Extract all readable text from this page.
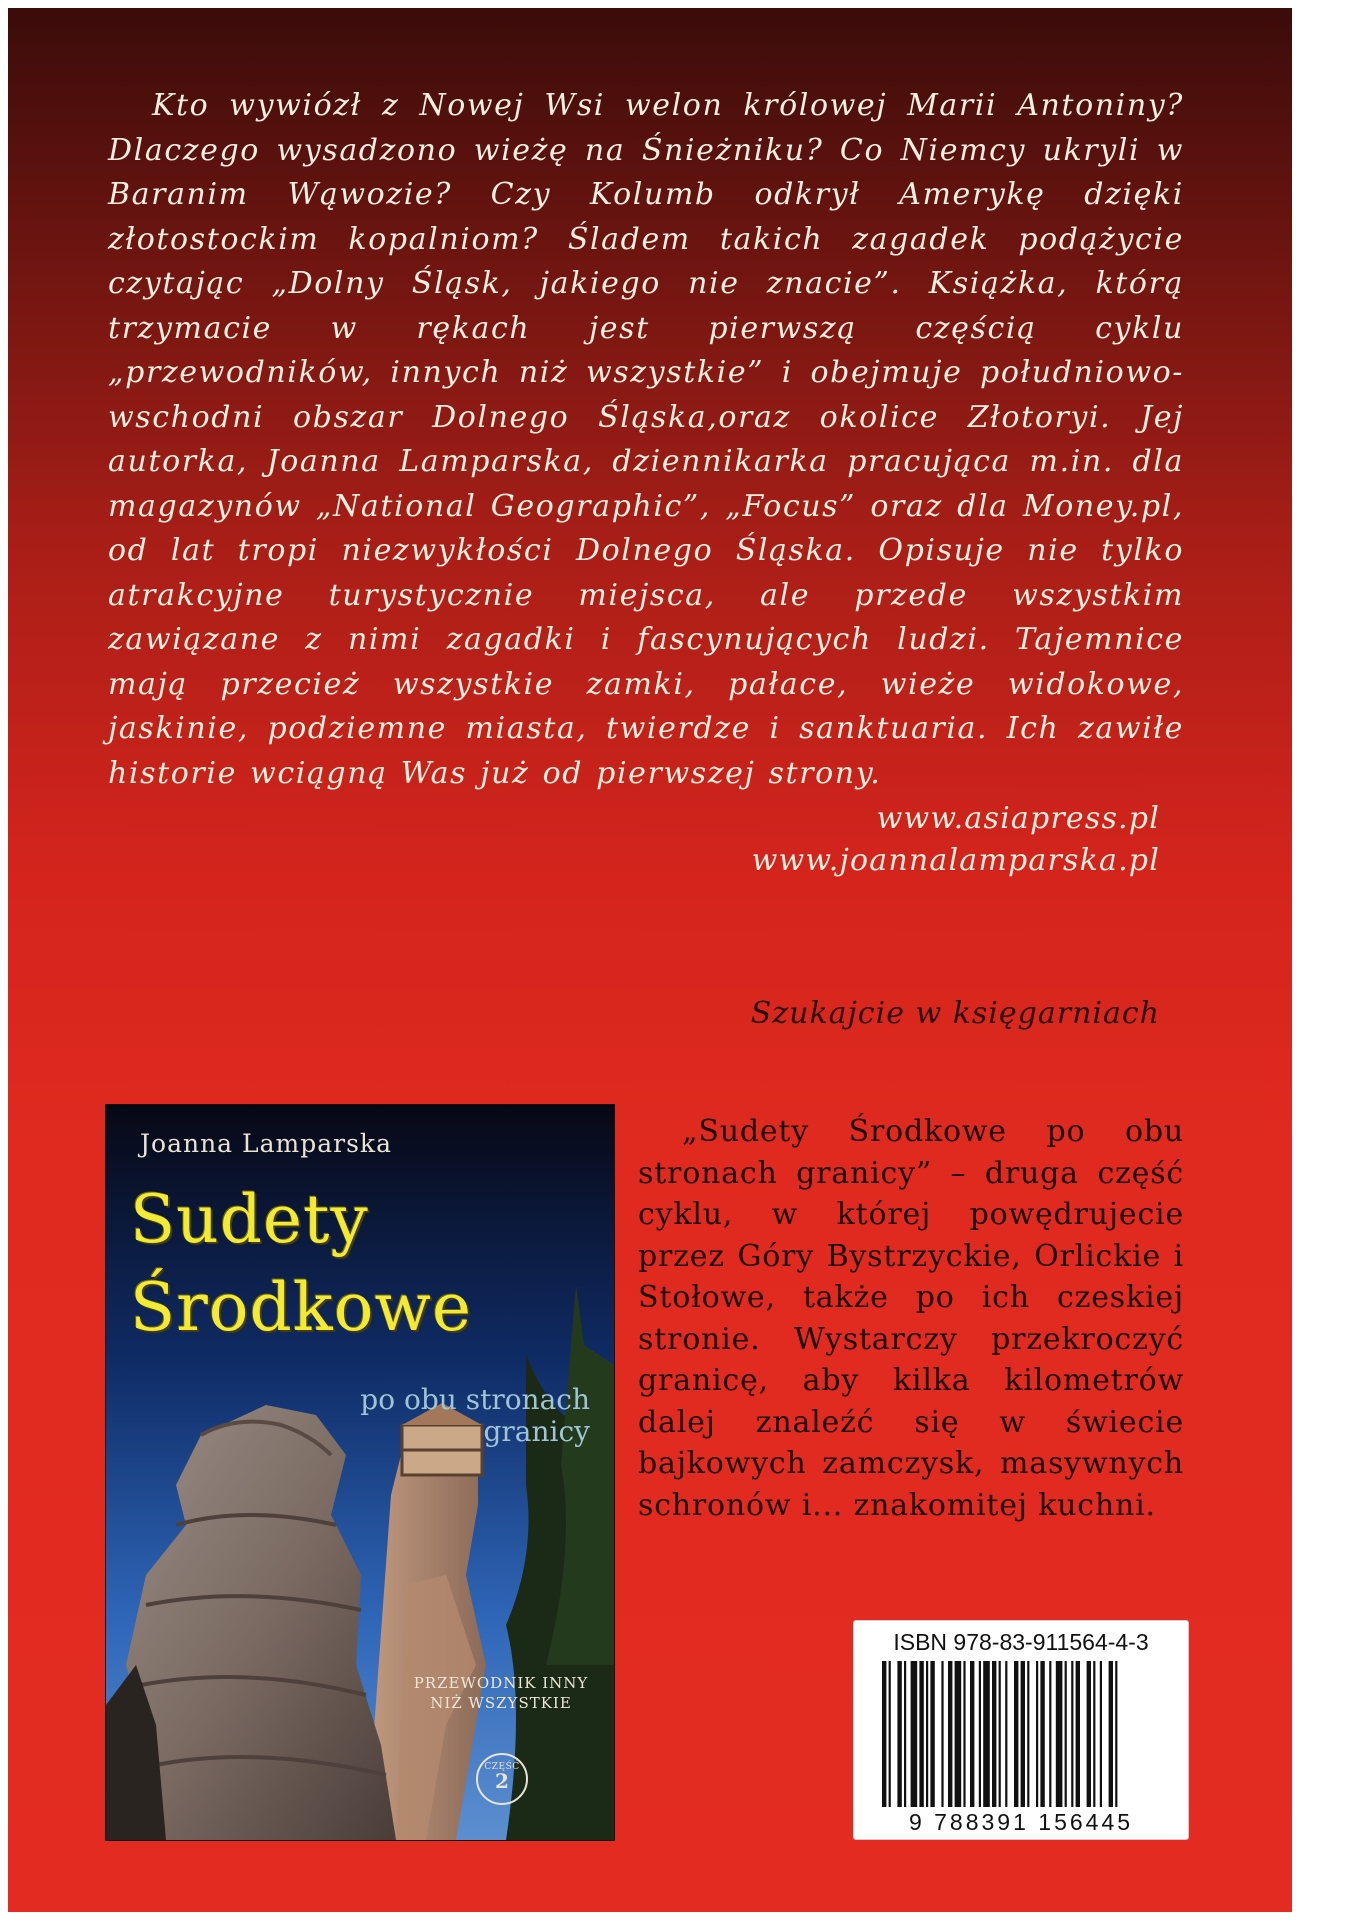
Kto wywiózł z Nowej Wsi welon królowej Marii Antoniny? Dlaczego wysadzono wieżę na Śnieżniku? Co Niemcy ukryli w Baranim Wąwozie? Czy Kolumb odkrył Amerykę dzięki złotostockim kopalniom? Śladem takich zagadek podążycie czytając „Dolny Śląsk, jakiego nie znacie”. Książka, którą trzymacie w rękach jest pierwszą częścią cyklu „przewodników, innych niż wszystkie” i obejmuje południowo-wschodni obszar Dolnego Śląska,oraz okolice Złotoryi. Jej autorka, Joanna Lamparska, dziennikarka pracująca m.in. dla magazynów „National Geographic”, „Focus” oraz dla Money.pl, od lat tropi niezwykłości Dolnego Śląska. Opisuje nie tylko atrakcyjne turystycznie miejsca, ale przede wszystkim zawiązane z nimi zagadki i fascynujących ludzi. Tajemnice mają przecież wszystkie zamki, pałace, wieże widokowe, jaskinie, podziemne miasta, twierdze i sanktuaria. Ich zawiłe historie wciągną Was już od pierwszej strony.

www.asiapress.pl
www.joannalamparska.pl
Szukajcie w księgarniach
Joanna Lamparska
Sudety
Środkowe
po obu stronach
granicy
PRZEWODNIK INNY
NIŻ WSZYSTKIE
CZĘŚĆ
2

„Sudety Środkowe po obu stronach granicy” – druga część cyklu, w której powędrujecie przez Góry Bystrzyckie, Orlickie i Stołowe, także po ich czeskiej stronie. Wystarczy przekroczyć granicę, aby kilka kilometrów dalej znaleźć się w świecie bajkowych zamczysk, masywnych schronów i... znakomitej kuchni.

ISBN 978-83-911564-4-3
9 788391 156445
